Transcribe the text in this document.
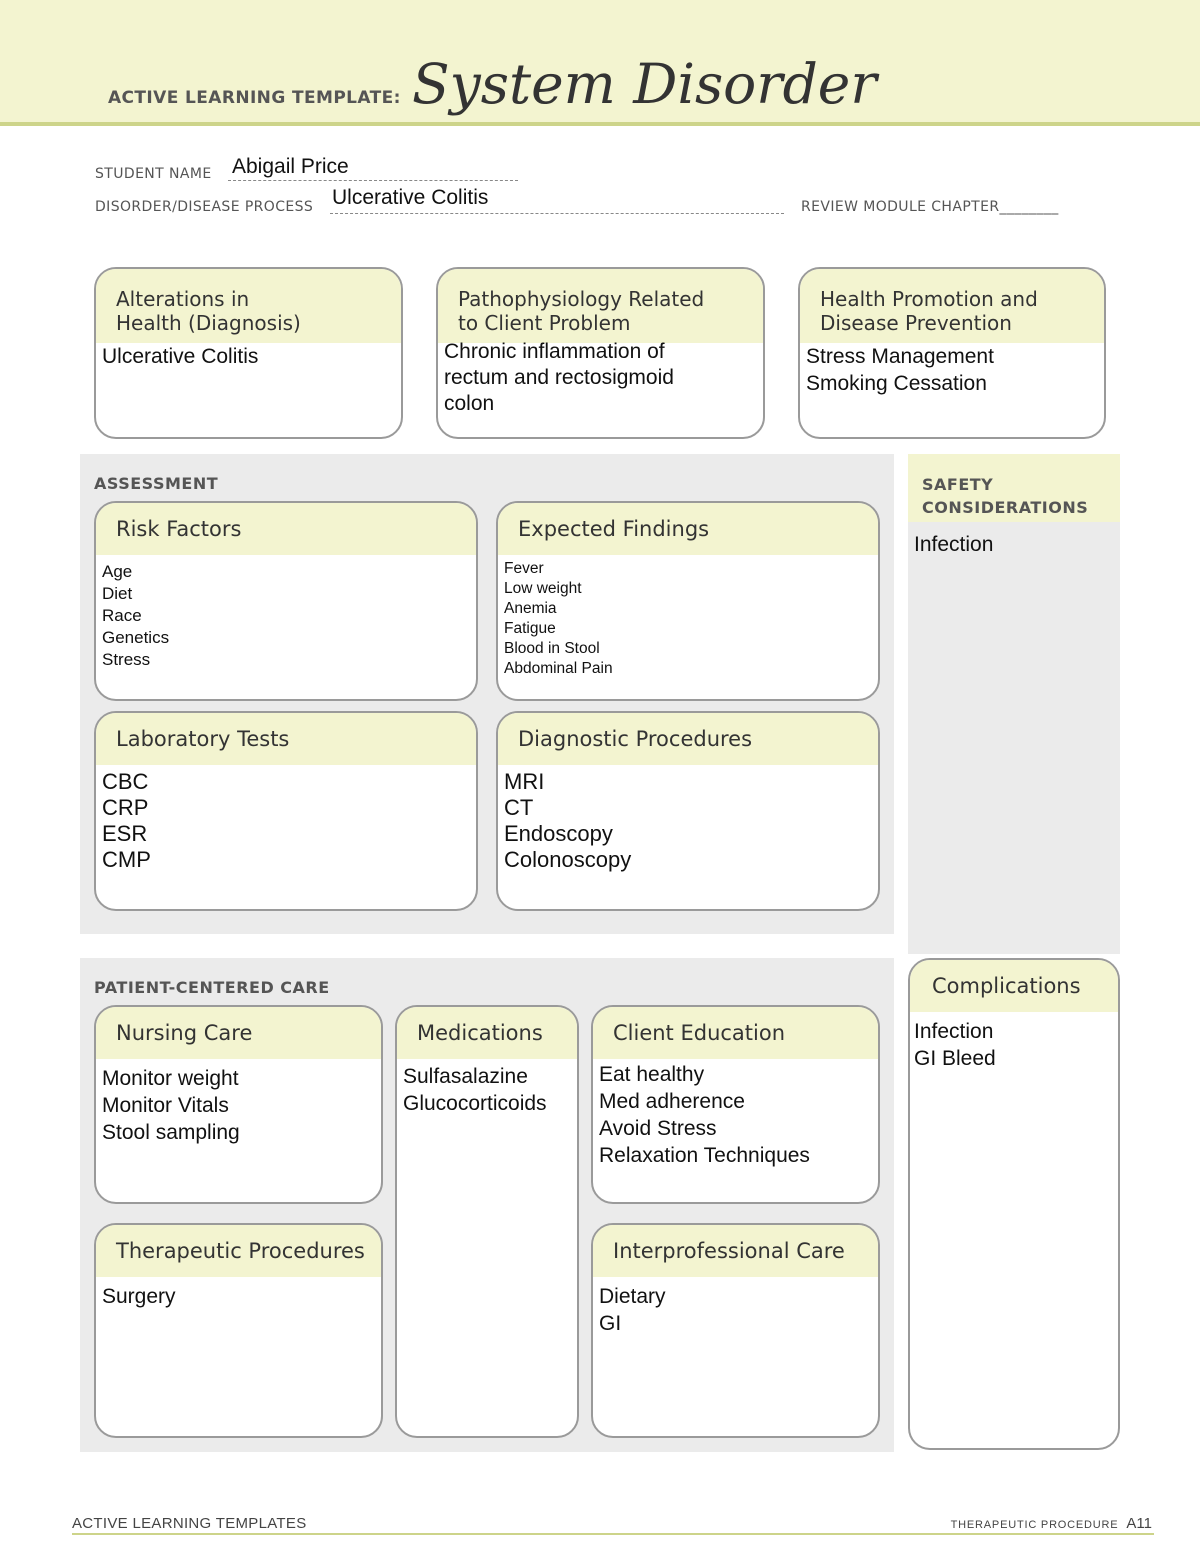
ACTIVE LEARNING TEMPLATE: System Disorder
STUDENT NAME Abigail Price
DISORDER/DISEASE PROCESS Ulcerative Colitis	REVIEW MODULE CHAPTER________
Alterations in
Health (Diagnosis)
Ulcerative Colitis
Pathophysiology Related
to Client Problem
Chronic inflammation of
rectum and rectosigmoid
colon
Health Promotion and
Disease Prevention
Stress Management
Smoking Cessation
ASSESSMENT
Risk Factors
Age
Diet
Race
Genetics
Stress
Expected Findings
Fever
Low weight
Anemia
Fatigue
Blood in Stool
Abdominal Pain
Laboratory Tests
CBC
CRP
ESR
CMP
Diagnostic Procedures
MRI
CT
Endoscopy
Colonoscopy
SAFETY
CONSIDERATIONS
Infection
PATIENT-CENTERED CARE
Nursing Care
Monitor weight
Monitor Vitals
Stool sampling
Medications
Sulfasalazine
Glucocorticoids
Client Education
Eat healthy
Med adherence
Avoid Stress
Relaxation Techniques
Therapeutic Procedures
Surgery
Interprofessional Care
Dietary
GI
Complications
Infection
GI Bleed
ACTIVE LEARNING TEMPLATES	THERAPEUTIC PROCEDURE A11
